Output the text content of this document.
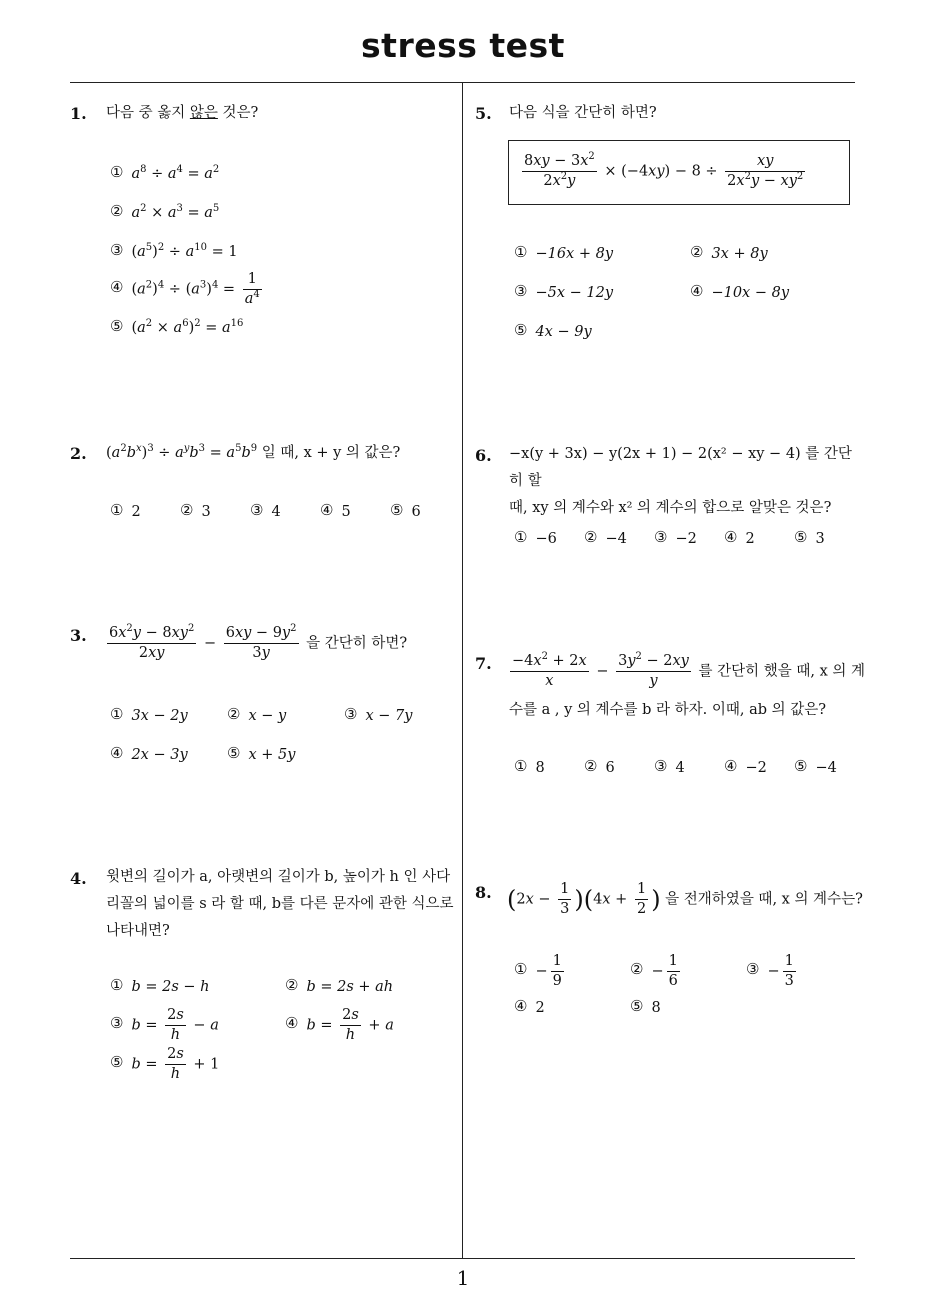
stress test
1
1. 다음 중 옳지 않은 것은?
① $a^8 \div a^4 = a^2$
② $a^2 \times a^3 = a^5$
③ $(a^5)^2 \div a^{10} = 1$
④ $(a^2)^4 \div (a^3)^4 = \frac{1}{a^4}$
⑤ $(a^2 \times a^6)^2 = a^{16}$
2. $(a^2b^x)^3 \div a^yb^3 = a^5b^9$ 일 때, x + y 의 값은?
① 2	② 3	③ 4	④ 5	⑤ 6
3. $\frac{6x^2y - 8xy^2}{2xy} - \frac{6xy - 9y^2}{3y}$ 을 간단히 하면?
① 3x − 2y	② x − y	③ x − 7y
④ 2x − 3y	⑤ x + 5y
4. 윗변의 길이가 a, 아랫변의 길이가 b, 높이가 h 인 사다
리꼴의 넓이를 s 라 할 때, b를 다른 문자에 관한 식으로
나타내면?
① b = 2s − h	② b = 2s + ah
③ $b = \frac{2s}{h} - a$	④ $b = \frac{2s}{h} + a$
⑤ $b = \frac{2s}{h} + 1$
5. 다음 식을 간단히 하면?
$\frac{8xy - 3x^2}{2x^2y} \times (-4xy) - 8 \div \frac{xy}{2x^2y - xy^2}$
① −16x + 8y	② 3x + 8y
③ −5x − 12y	④ −10x − 8y
⑤ 4x − 9y
6. −x(y + 3x) − y(2x + 1) − 2(x² − xy − 4) 를 간단히 할
때, xy 의 계수와 x² 의 계수의 합으로 알맞은 것은?
① −6 ② −4 ③ −2 ④ 2	⑤ 3
7. $\frac{-4x^2 + 2x}{x} - \frac{3y^2 - 2xy}{y}$ 를 간단히 했을 때, x 의 계
수를 a , y 의 계수를 b 라 하자. 이때, ab 의 값은?
① 8	② 6	③ 4	④ −2 ⑤ −4
8. $(2x - \frac{1}{3} )(4x + \frac{1}{2}$ ) 을 전개하였을 때, x 의 계수는?
① − $\frac{1}{9}$	② − $\frac{1}{6}$	③ − $\frac{1}{3}$
④ 2	⑤ 8
